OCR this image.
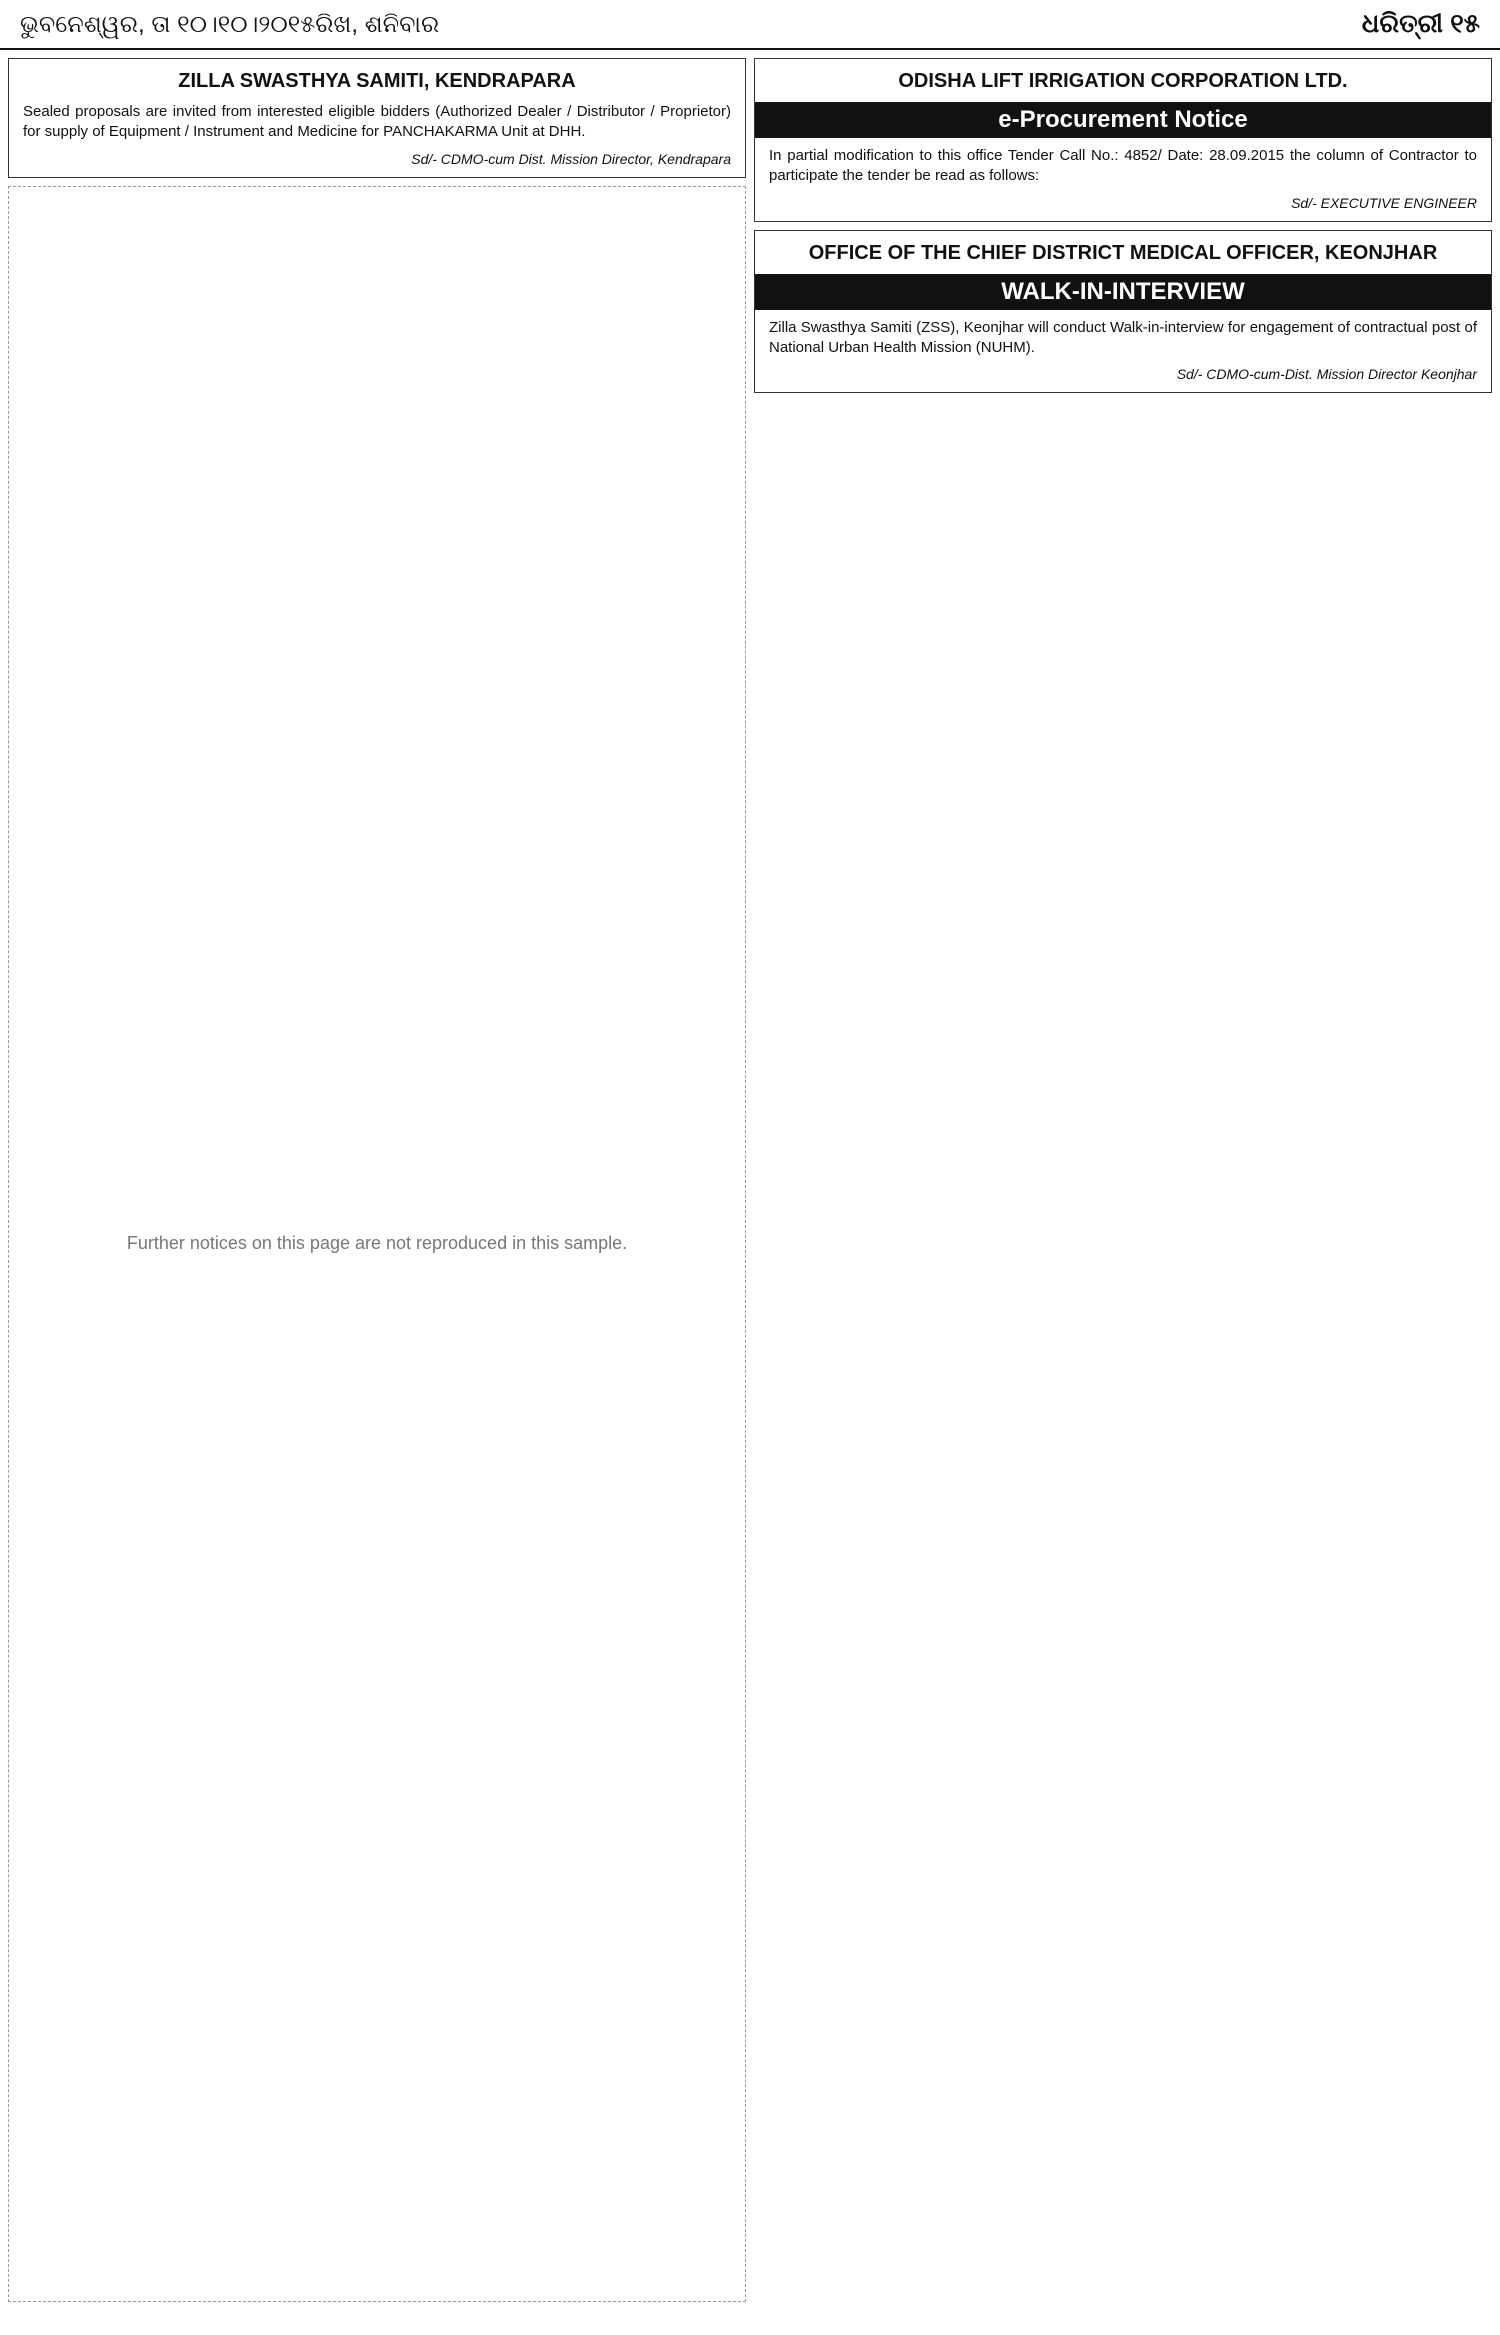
ଭୁବନେଶ୍ୱର, ତା ୧୦।୧୦।୨୦୧୫ରିଖ, ଶନିବାର	ଧରିତ୍ରୀ ୧୫
ZILLA SWASTHYA SAMITI, KENDRAPARA

Sealed proposals are invited from interested eligible bidders (Authorized Dealer / Distributor / Proprietor) for supply of Equipment / Instrument and Medicine for PANCHAKARMA Unit at DHH.

Sd/- CDMO-cum Dist. Mission Director, Kendrapara
Further notices on this page are not reproduced in this sample.
ODISHA LIFT IRRIGATION CORPORATION LTD.
e-Procurement Notice

In partial modification to this office Tender Call No.: 4852/ Date: 28.09.2015 the column of Contractor to participate the tender be read as follows:

Sd/- EXECUTIVE ENGINEER
OFFICE OF THE CHIEF DISTRICT MEDICAL OFFICER, KEONJHAR
WALK-IN-INTERVIEW

Zilla Swasthya Samiti (ZSS), Keonjhar will conduct Walk-in-interview for engagement of contractual post of National Urban Health Mission (NUHM).

Sd/- CDMO-cum-Dist. Mission Director Keonjhar
